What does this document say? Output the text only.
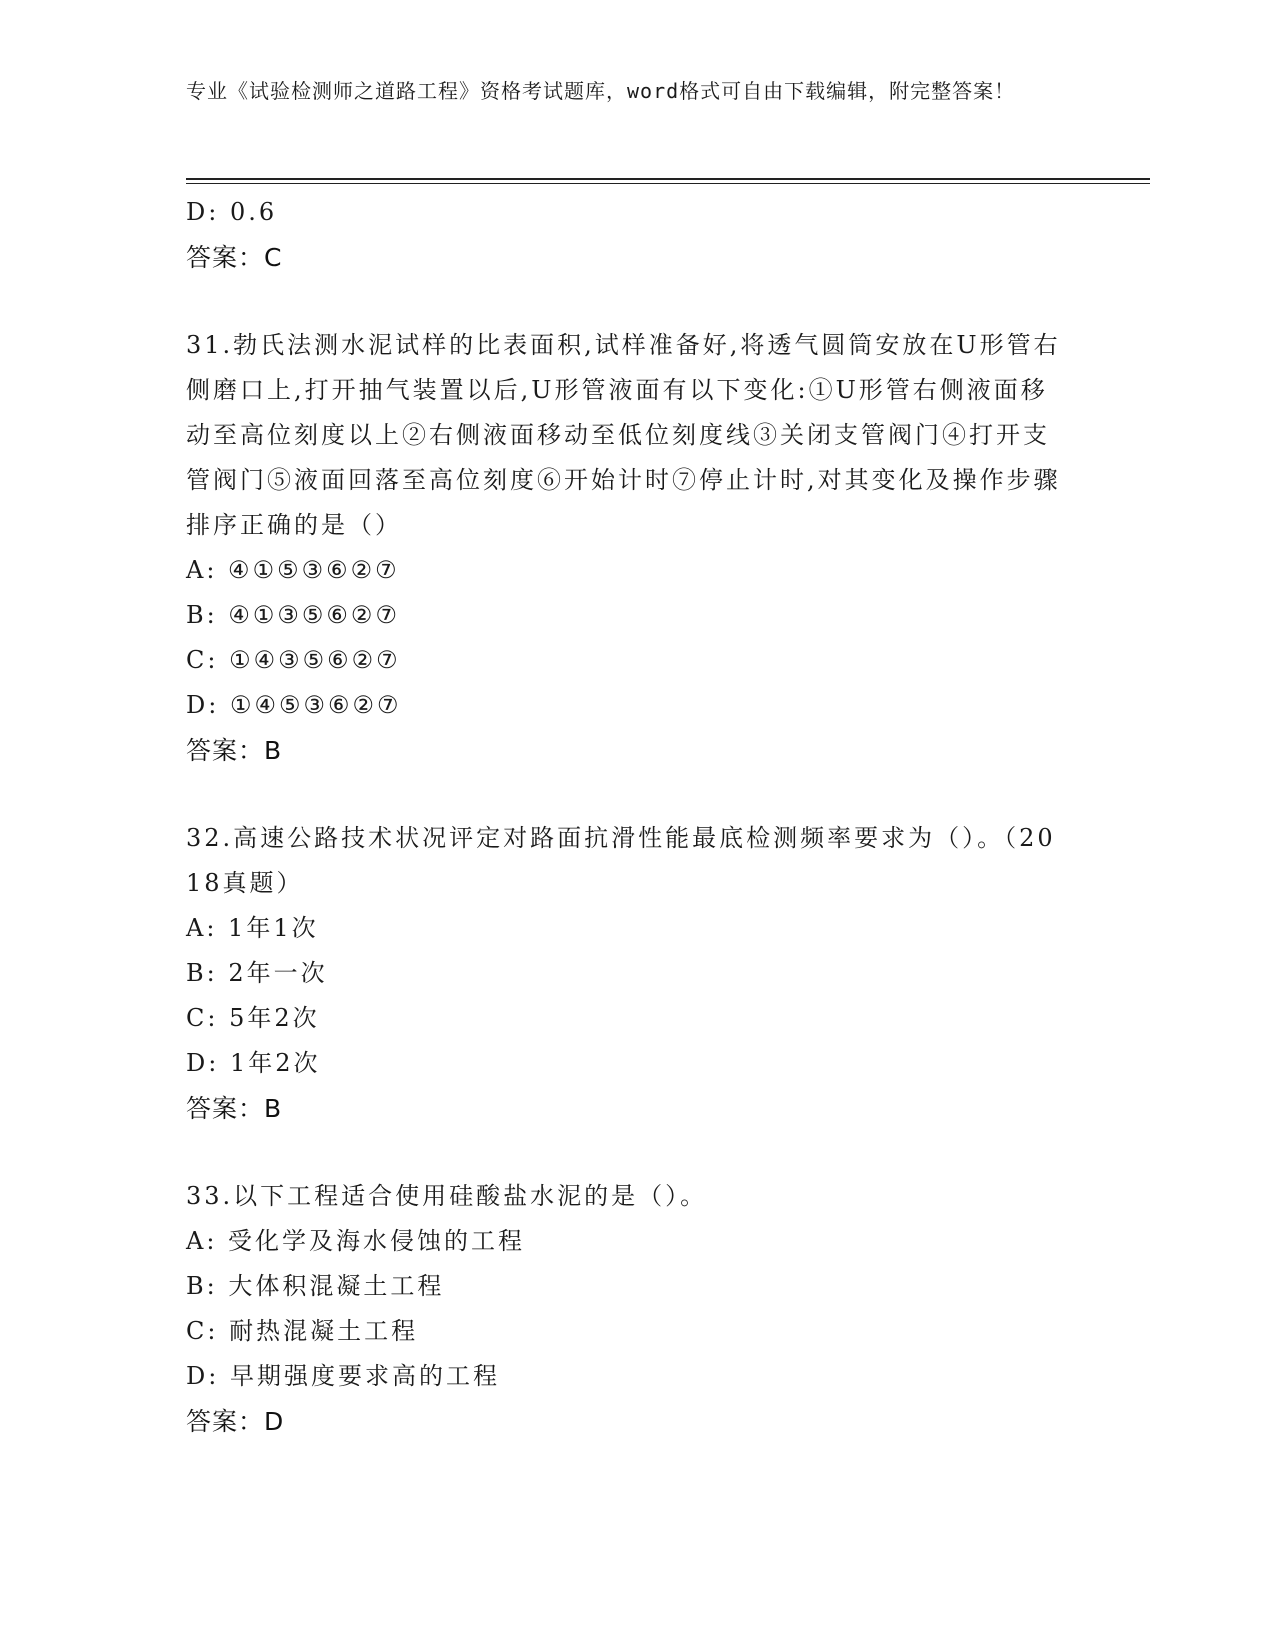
专业《试验检测师之道路工程》资格考试题库，word格式可自由下载编辑，附完整答案！
D: 0.6
答案：C
31.勃氏法测水泥试样的比表面积,试样准备好,将透气圆筒安放在U形管右侧磨口上,打开抽气装置以后,U形管液面有以下变化:①U形管右侧液面移动至高位刻度以上②右侧液面移动至低位刻度线③关闭支管阀门④打开支管阀门⑤液面回落至高位刻度⑥开始计时⑦停止计时,对其变化及操作步骤排序正确的是（）
A: ④①⑤③⑥②⑦
B: ④①③⑤⑥②⑦
C: ①④③⑤⑥②⑦
D: ①④⑤③⑥②⑦
答案：B
32.高速公路技术状况评定对路面抗滑性能最底检测频率要求为（）。（2018真题）
A: 1年1次
B: 2年一次
C: 5年2次
D: 1年2次
答案：B
33.以下工程适合使用硅酸盐水泥的是（）。
A: 受化学及海水侵蚀的工程
B: 大体积混凝土工程
C: 耐热混凝土工程
D: 早期强度要求高的工程
答案：D
